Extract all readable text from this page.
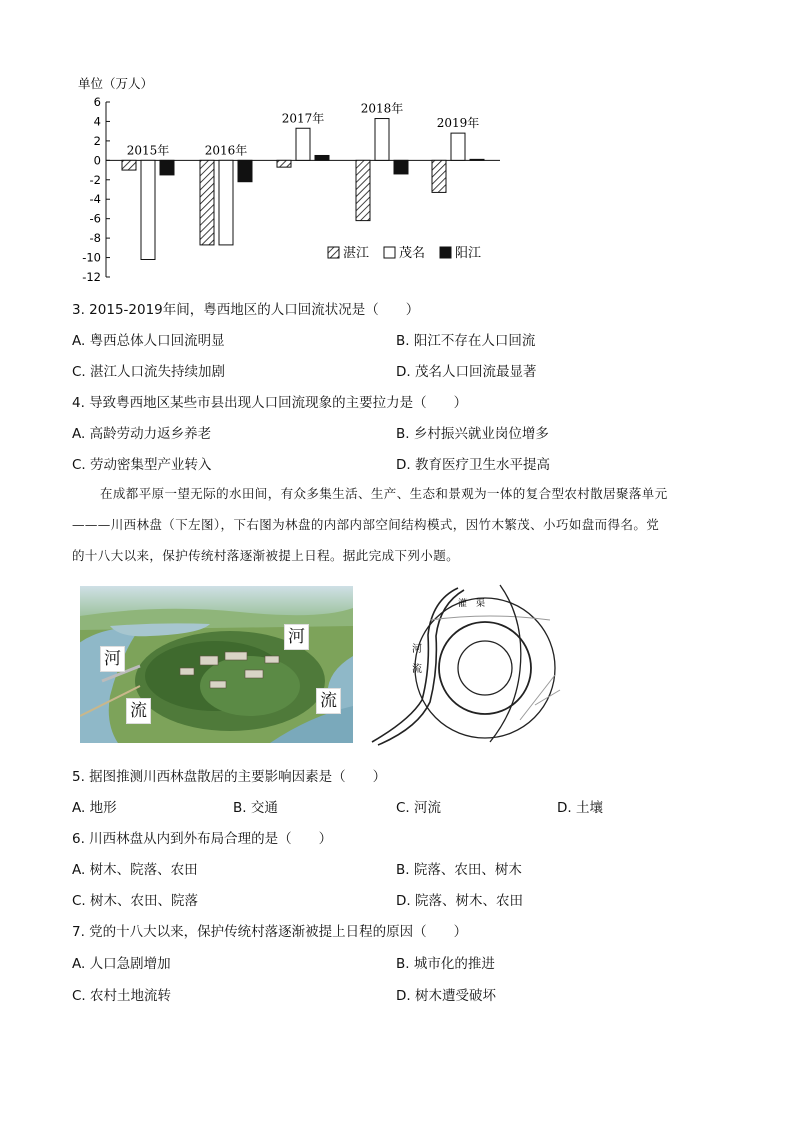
单位（万人）
6
4
2
0
-2
-4
-6
-8
-10
-12
2015年	2016年
2017年
2018年
2019年
湛江 茂名 阳江
3. 2015-2019年间，粤西地区的人口回流状况是（　　）
A. 粤西总体人口回流明显	B. 阳江不存在人口回流
C. 湛江人口流失持续加剧	D. 茂名人口回流最显著
4. 导致粤西地区某些市县出现人口回流现象的主要拉力是（　　）
A. 高龄劳动力返乡养老	B. 乡村振兴就业岗位增多
C. 劳动密集型产业转入	D. 教育医疗卫生水平提高
在成都平原一望无际的水田间，有众多集生活、生产、生态和景观为一体的复合型农村散居聚落单元
———川西林盘（下左图），下右图为林盘的内部内部空间结构模式，因竹木繁茂、小巧如盘而得名。党
的十八大以来，保护传统村落逐渐被提上日程。据此完成下列小题。
河
流
河
流
灌　渠
河
流
5. 据图推测川西林盘散居的主要影响因素是（　　）
A. 地形	B. 交通	C. 河流	D. 土壤
6. 川西林盘从内到外布局合理的是（　　）
A. 树木、院落、农田	B. 院落、农田、树木
C. 树木、农田、院落	D. 院落、树木、农田
7. 党的十八大以来，保护传统村落逐渐被提上日程的原因（　　）
A. 人口急剧增加	B. 城市化的推进
C. 农村土地流转	D. 树木遭受破坏
